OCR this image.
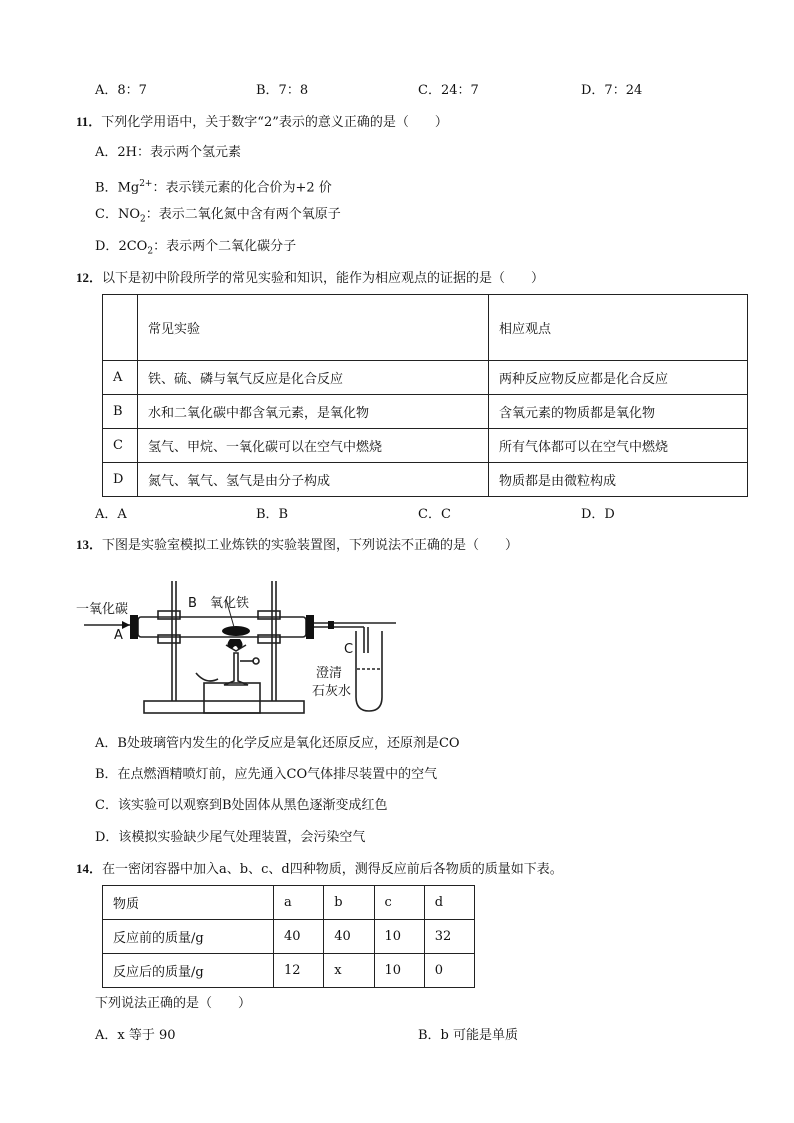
A．8：7	B．7：8	C．24：7	D．7：24
11．下列化学用语中，关于数字“2”表示的意义正确的是（　　）
A．2H：表示两个氢元素
B．$Mg^{2+}$：表示镁元素的化合价为+2 价
C．$NO_2$：表示二氧化氮中含有两个氧原子
D．$2CO_2$：表示两个二氧化碳分子
12．以下是初中阶段所学的常见实验和知识，能作为相应观点的证据的是（　　）
	常见实验	相应观点
A	铁、硫、磷与氧气反应是化合反应	两种反应物反应都是化合反应
B	水和二氧化碳中都含氧元素，是氧化物	含氧元素的物质都是氧化物
C	氢气、甲烷、一氧化碳可以在空气中燃烧	所有气体都可以在空气中燃烧
D	氮气、氧气、氢气是由分子构成	物质都是由微粒构成
A．A	B．B	C．C	D．D
13．下图是实验室模拟工业炼铁的实验装置图，下列说法不正确的是（　　）
一氧化碳
A
B 氧化铁
C
澄清
石灰水
A．B处玻璃管内发生的化学反应是氧化还原反应，还原剂是CO
B．在点燃酒精喷灯前，应先通入CO气体排尽装置中的空气
C．该实验可以观察到B处固体从黑色逐渐变成红色
D．该模拟实验缺少尾气处理装置，会污染空气
14．在一密闭容器中加入a、b、c、d四种物质，测得反应前后各物质的质量如下表。
物质	a	b	c	d
反应前的质量/g	40	40	10	32
反应后的质量/g	12	x	10	0
下列说法正确的是（　　）
A．x 等于 90	B．b 可能是单质
